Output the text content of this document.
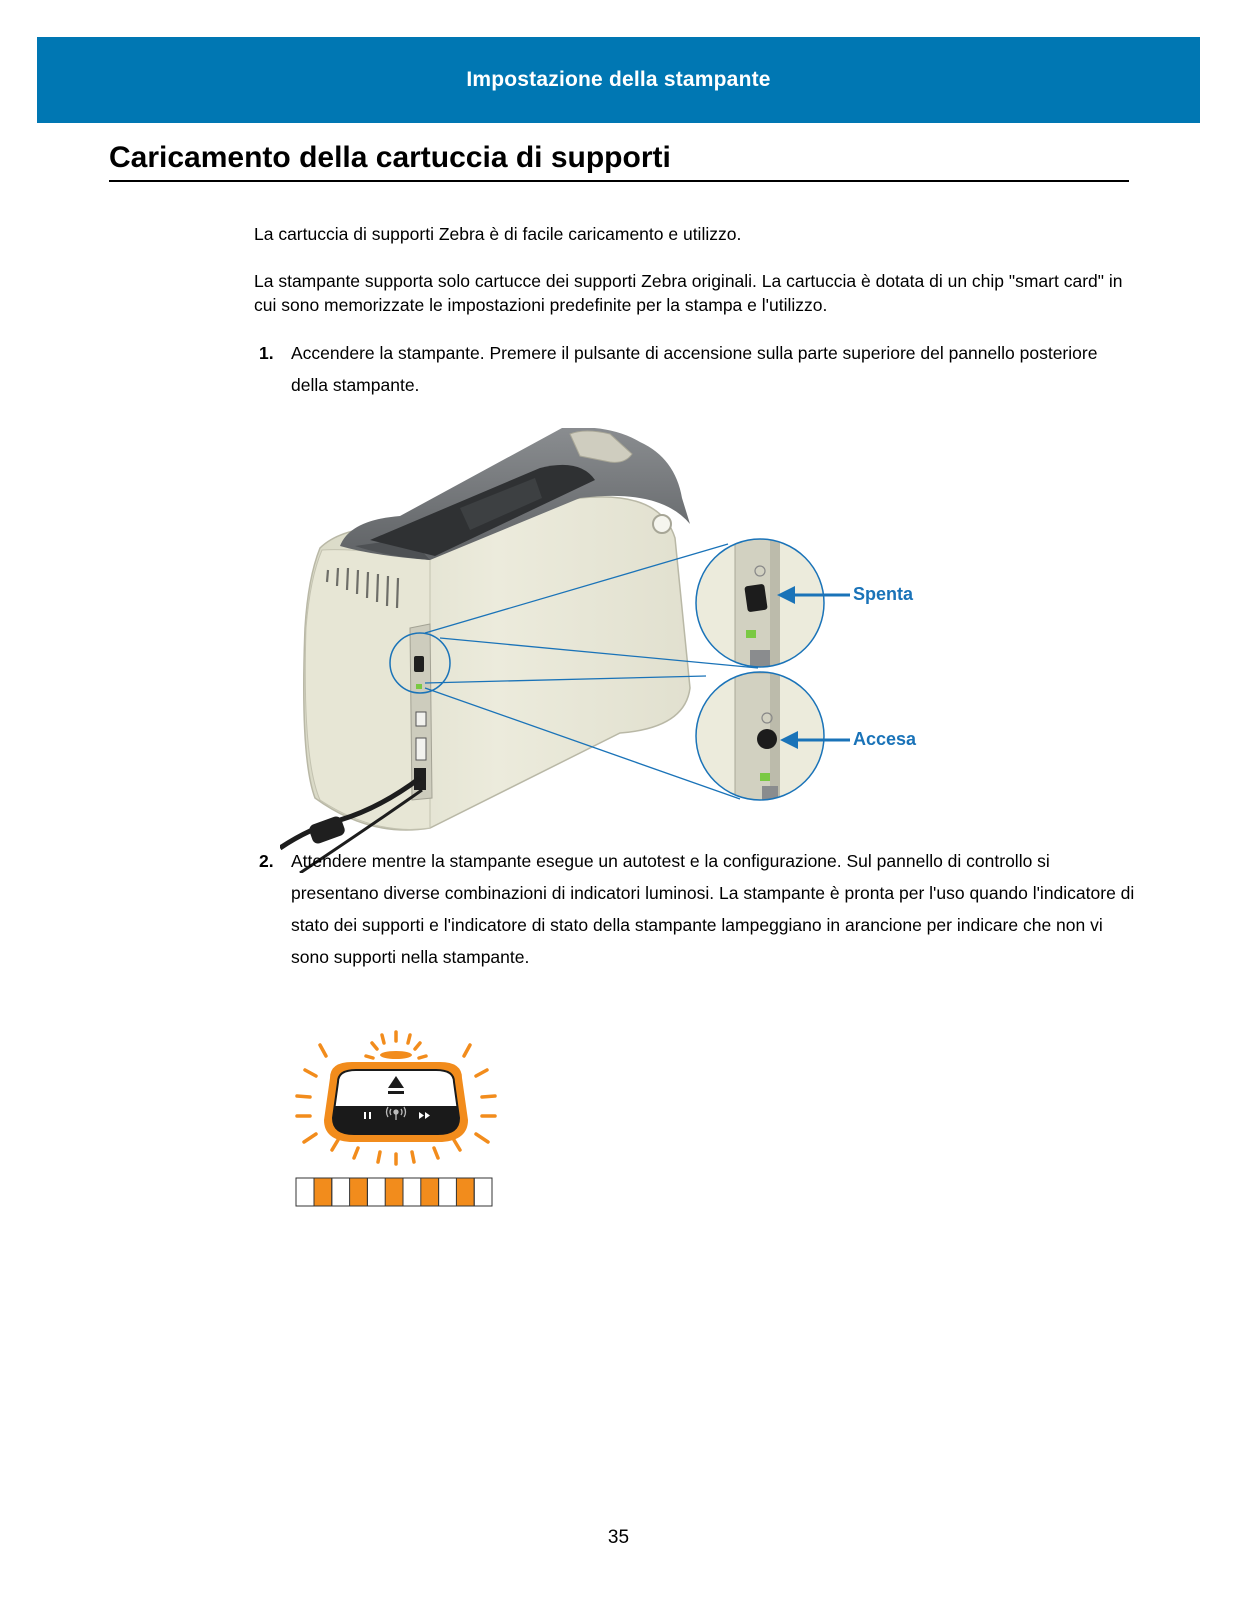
Impostazione della stampante
Caricamento della cartuccia di supporti

La cartuccia di supporti Zebra è di facile caricamento e utilizzo.

La stampante supporta solo cartucce dei supporti Zebra originali. La cartuccia è dotata di un chip "smart card" in cui sono memorizzate le impostazioni predefinite per la stampa e l'utilizzo.

1. Accendere la stampante. Premere il pulsante di accensione sulla parte superiore del pannello posteriore della stampante.
Spenta
Accesa
2. Attendere mentre la stampante esegue un autotest e la configurazione. Sul pannello di controllo si presentano diverse combinazioni di indicatori luminosi. La stampante è pronta per l'uso quando l'indicatore di stato dei supporti e l'indicatore di stato della stampante lampeggiano in arancione per indicare che non vi sono supporti nella stampante.
35
